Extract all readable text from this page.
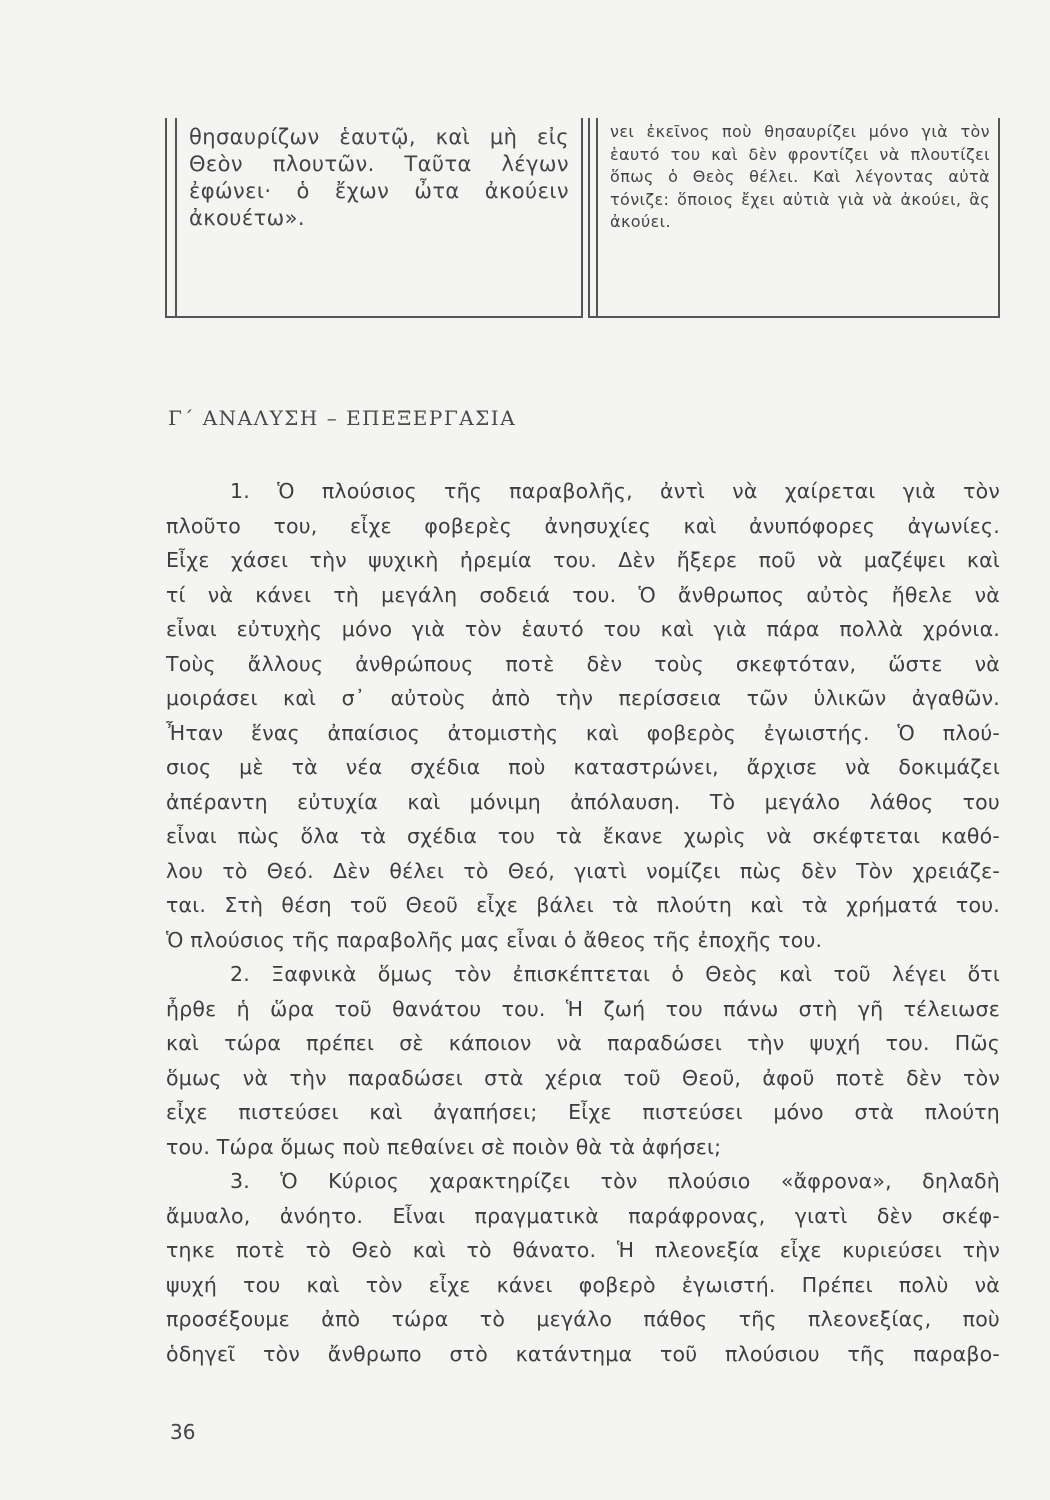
θησαυρίζων ἑαυτῷ, καὶ μὴ εἰς Θεὸν πλουτῶν. Ταῦτα λέγων ἐφώνει· ὁ ἔχων ὦτα ἀκούειν ἀκουέτω».
νει ἐκεῖνος ποὺ θησαυρίζει μόνο γιὰ τὸν ἑαυτό του καὶ δὲν φροντίζει νὰ πλουτίζει ὅπως ὁ Θεὸς θέλει. Καὶ λέγοντας αὐτὰ τόνιζε: ὅποιος ἔχει αὐτιὰ γιὰ νὰ ἀκούει, ἂς ἀκούει.
Γ΄ ΑΝΑΛΥΣΗ – ΕΠΕΞΕΡΓΑΣΙΑ
1. Ὁ πλούσιος τῆς παραβολῆς, ἀντὶ νὰ χαίρεται γιὰ τὸν
πλοῦτο του, εἶχε φοβερὲς ἀνησυχίες καὶ ἀνυπόφορες ἀγωνίες.
Εἶχε χάσει τὴν ψυχικὴ ἠρεμία του. Δὲν ἤξερε ποῦ νὰ μαζέψει καὶ
τί νὰ κάνει τὴ μεγάλη σοδειά του. Ὁ ἄνθρωπος αὐτὸς ἤθελε νὰ
εἶναι εὐτυχὴς μόνο γιὰ τὸν ἑαυτό του καὶ γιὰ πάρα πολλὰ χρόνια.
Τοὺς ἄλλους ἀνθρώπους ποτὲ δὲν τοὺς σκεφτόταν, ὥστε νὰ
μοιράσει καὶ σ᾽ αὐτοὺς ἀπὸ τὴν περίσσεια τῶν ὑλικῶν ἀγαθῶν.
Ἦταν ἕνας ἀπαίσιος ἀτομιστὴς καὶ φοβερὸς ἐγωιστής. Ὁ πλού-
σιος μὲ τὰ νέα σχέδια ποὺ καταστρώνει, ἄρχισε νὰ δοκιμάζει
ἀπέραντη εὐτυχία καὶ μόνιμη ἀπόλαυση. Τὸ μεγάλο λάθος του
εἶναι πὼς ὅλα τὰ σχέδια του τὰ ἔκανε χωρὶς νὰ σκέφτεται καθό-
λου τὸ Θεό. Δὲν θέλει τὸ Θεό, γιατὶ νομίζει πὼς δὲν Τὸν χρειάζε-
ται. Στὴ θέση τοῦ Θεοῦ εἶχε βάλει τὰ πλούτη καὶ τὰ χρήματά του.
Ὁ πλούσιος τῆς παραβολῆς μας εἶναι ὁ ἄθεος τῆς ἐποχῆς του.
2. Ξαφνικὰ ὅμως τὸν ἐπισκέπτεται ὁ Θεὸς καὶ τοῦ λέγει ὅτι
ἦρθε ἡ ὥρα τοῦ θανάτου του. Ἡ ζωή του πάνω στὴ γῆ τέλειωσε
καὶ τώρα πρέπει σὲ κάποιον νὰ παραδώσει τὴν ψυχή του. Πῶς
ὅμως νὰ τὴν παραδώσει στὰ χέρια τοῦ Θεοῦ, ἀφοῦ ποτὲ δὲν τὸν
εἶχε πιστεύσει καὶ ἀγαπήσει; Εἶχε πιστεύσει μόνο στὰ πλούτη
του. Τώρα ὅμως ποὺ πεθαίνει σὲ ποιὸν θὰ τὰ ἀφήσει;
3. Ὁ Κύριος χαρακτηρίζει τὸν πλούσιο «ἄφρονα», δηλαδὴ
ἄμυαλο, ἀνόητο. Εἶναι πραγματικὰ παράφρονας, γιατὶ δὲν σκέφ-
τηκε ποτὲ τὸ Θεὸ καὶ τὸ θάνατο. Ἡ πλεονεξία εἶχε κυριεύσει τὴν
ψυχή του καὶ τὸν εἶχε κάνει φοβερὸ ἐγωιστή. Πρέπει πολὺ νὰ
προσέξουμε ἀπὸ τώρα τὸ μεγάλο πάθος τῆς πλεονεξίας, ποὺ
ὁδηγεῖ τὸν ἄνθρωπο στὸ κατάντημα τοῦ πλούσιου τῆς παραβο-
36
